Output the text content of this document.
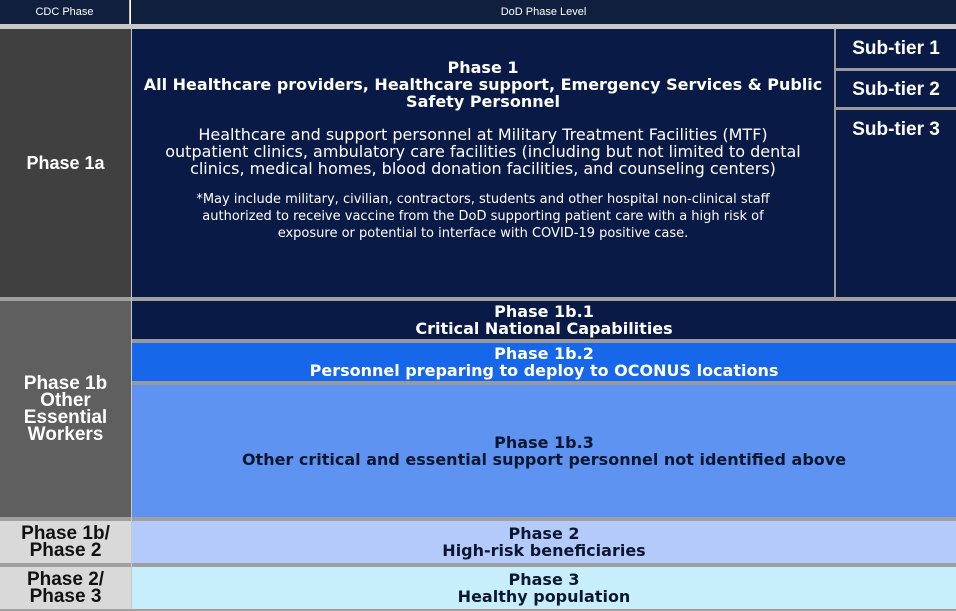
CDC Phase	DoD Phase Level
Phase 1a
Phase 1
All Healthcare providers, Healthcare support, Emergency Services & Public
Safety Personnel
Healthcare and support personnel at Military Treatment Facilities (MTF)
outpatient clinics, ambulatory care facilities (including but not limited to dental
clinics, medical homes, blood donation facilities, and counseling centers)
*May include military, civilian, contractors, students and other hospital non-clinical staff
authorized to receive vaccine from the DoD supporting patient care with a high risk of
exposure or potential to interface with COVID-19 positive case.
Sub-tier 1
Sub-tier 2
Sub-tier 3
Phase 1b
Other
Essential
Workers
Phase 1b.1
Critical National Capabilities
Phase 1b.2
Personnel preparing to deploy to OCONUS locations
Phase 1b.3
Other critical and essential support personnel not identified above
Phase 1b/
Phase 2
Phase 2
High-risk beneficiaries
Phase 2/
Phase 3
Phase 3
Healthy population
